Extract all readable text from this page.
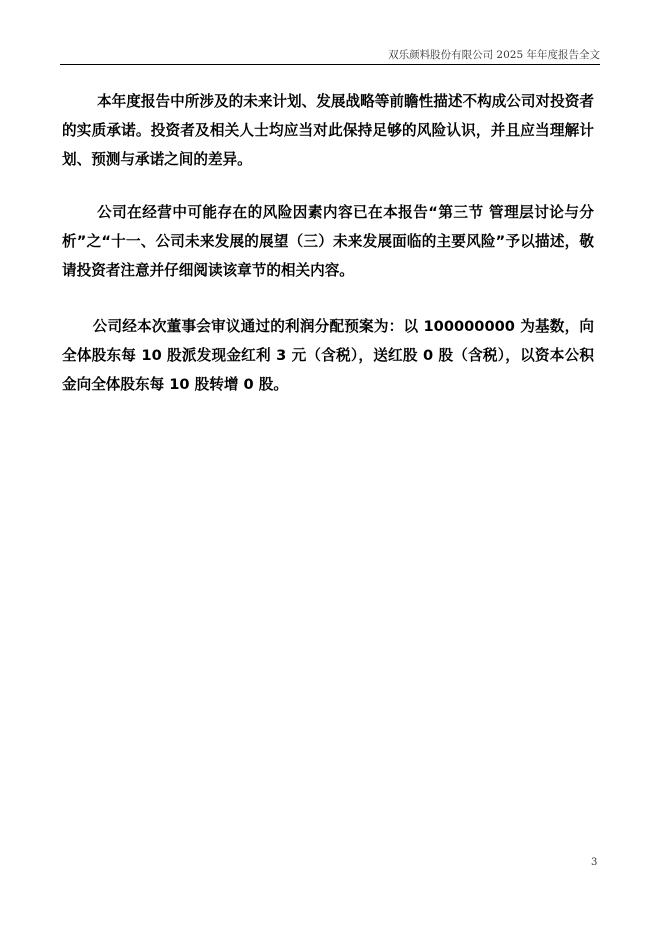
双乐颜料股份有限公司 2025 年年度报告全文

本年度报告中所涉及的未来计划、发展战略等前瞻性描述不构成公司对投资者的实质承诺。投资者及相关人士均应当对此保持足够的风险认识，并且应当理解计划、预测与承诺之间的差异。

公司在经营中可能存在的风险因素内容已在本报告“第三节 管理层讨论与分析”之“十一、公司未来发展的展望（三）未来发展面临的主要风险”予以描述，敬请投资者注意并仔细阅读该章节的相关内容。

公司经本次董事会审议通过的利润分配预案为：以 100000000 为基数，向全体股东每 10 股派发现金红利 3 元（含税），送红股 0 股（含税），以资本公积金向全体股东每 10 股转增 0 股。

3
